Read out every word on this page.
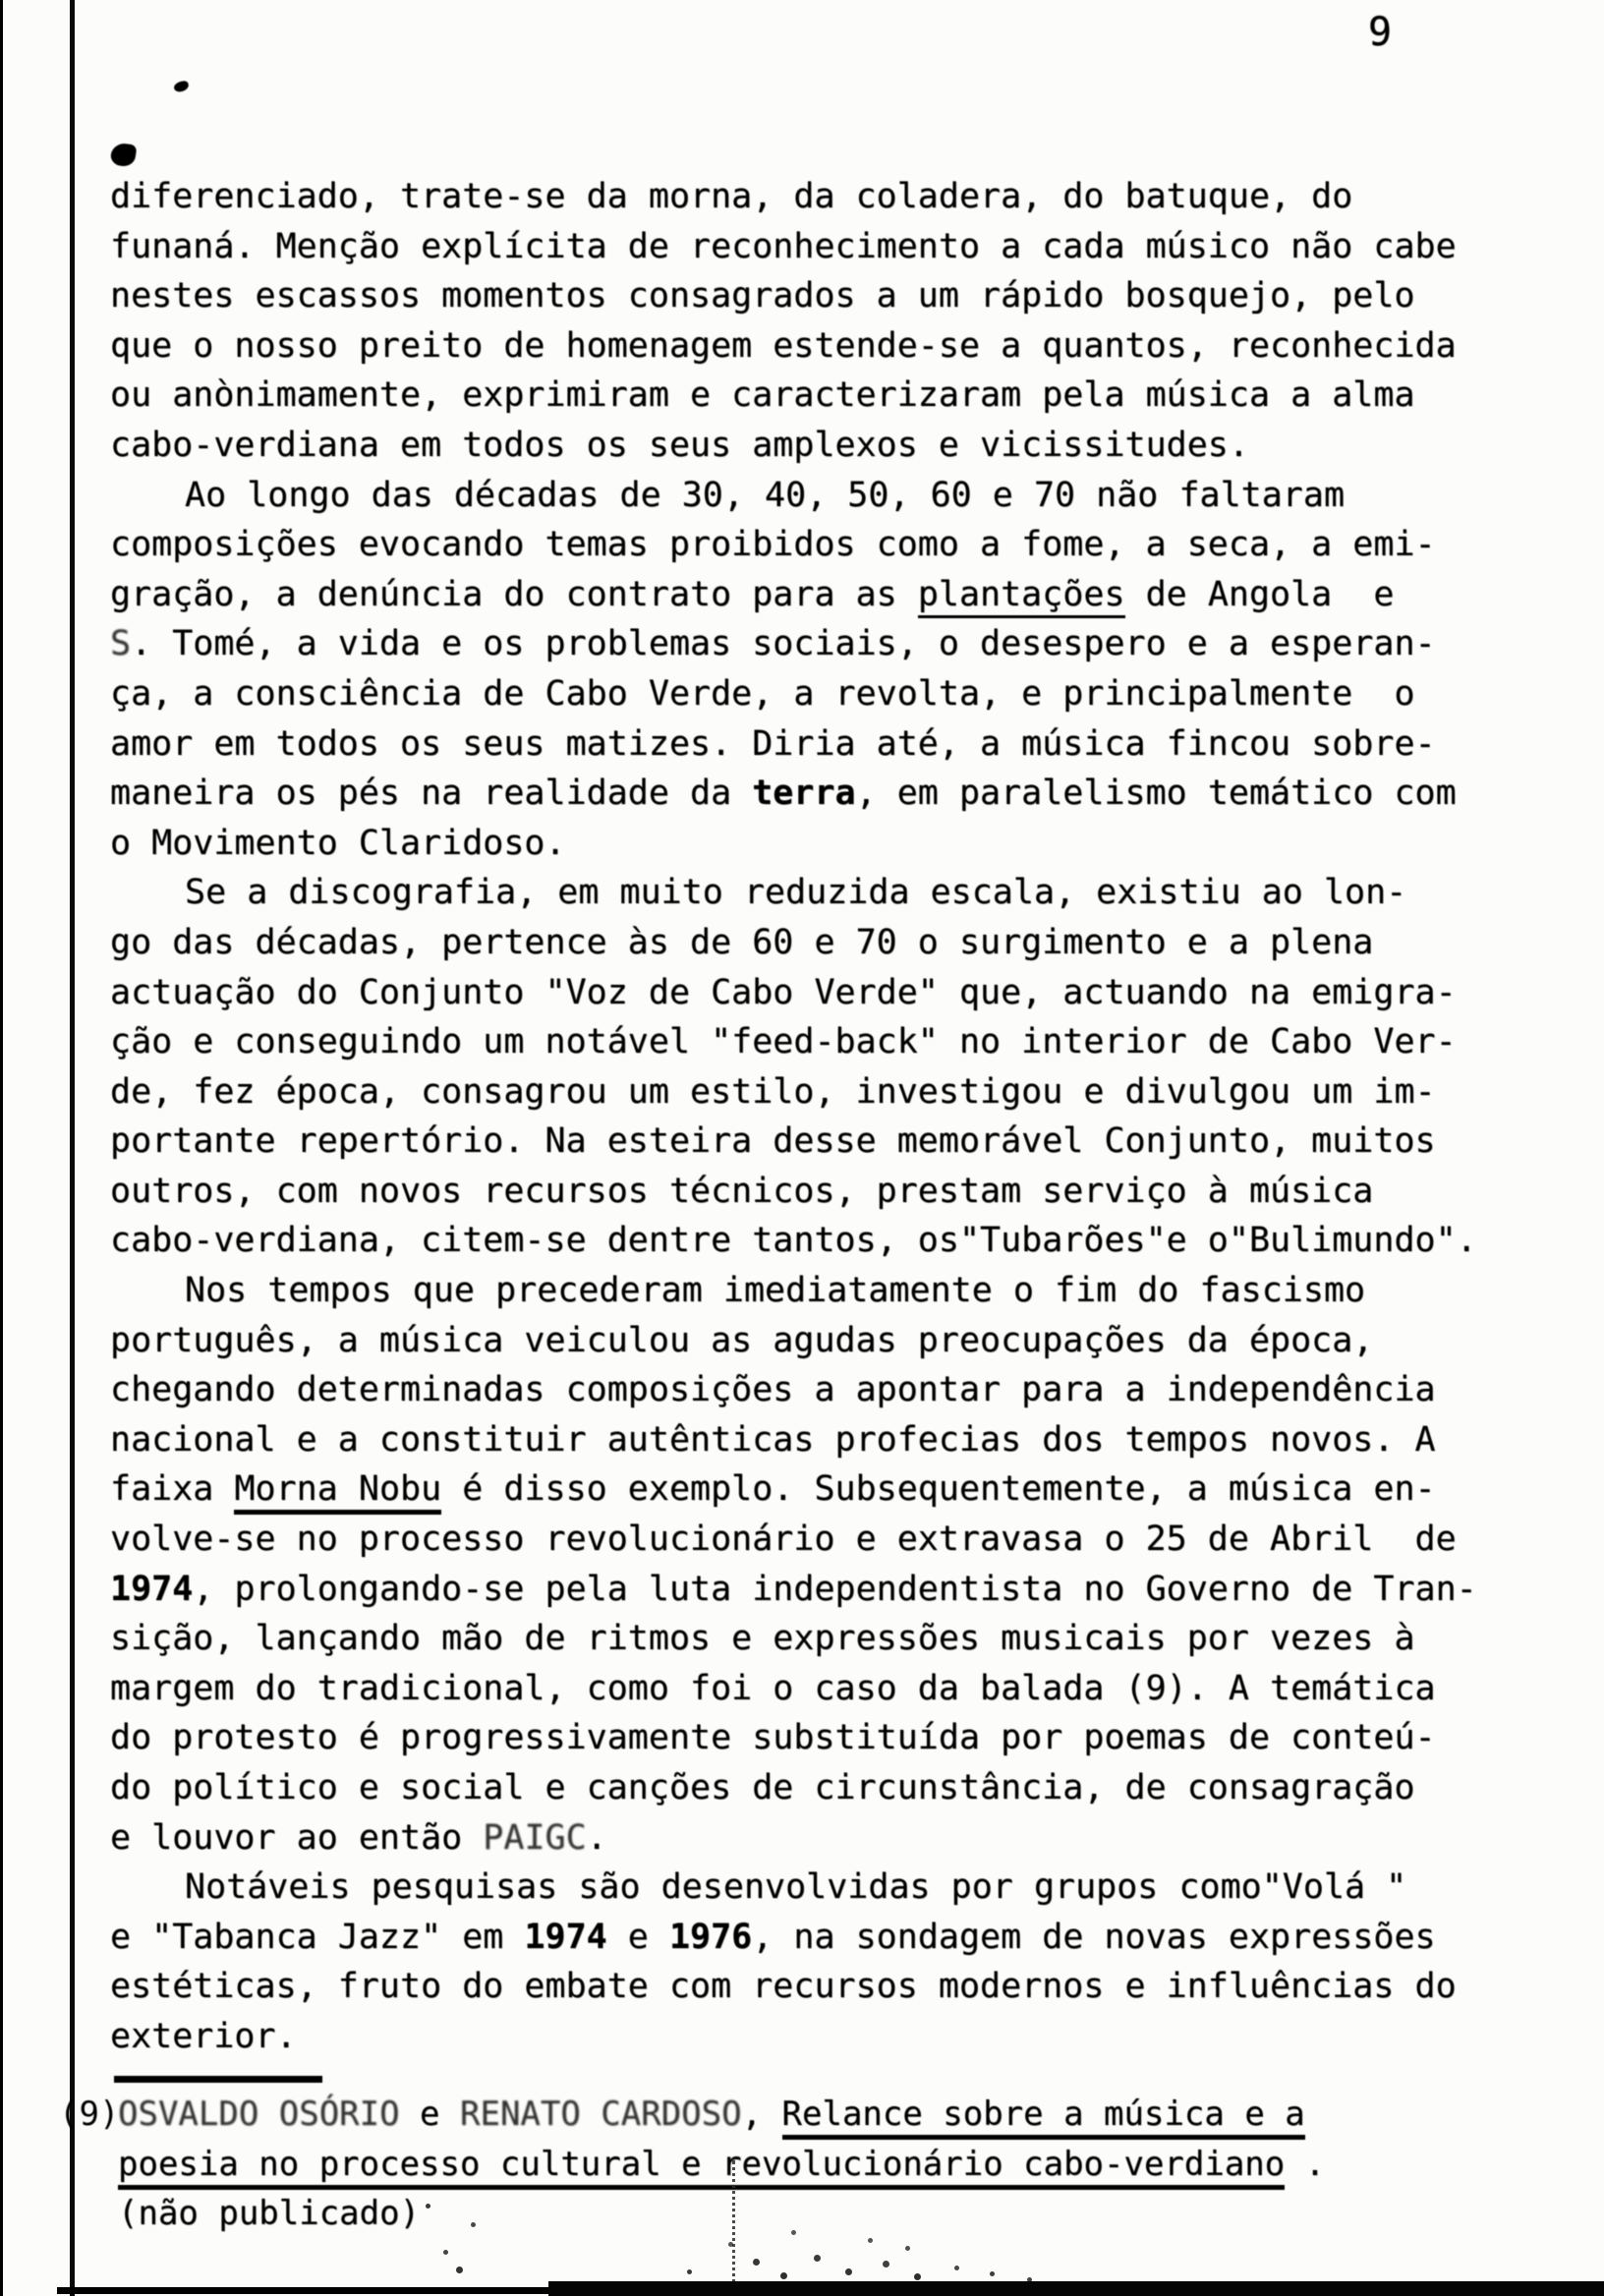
9
diferenciado, trate-se da morna, da coladera, do batuque, do
funaná. Menção explícita de reconhecimento a cada músico não cabe
nestes escassos momentos consagrados a um rápido bosquejo, pelo
que o nosso preito de homenagem estende-se a quantos, reconhecida
ou anònimamente, exprimiram e caracterizaram pela música a alma
cabo-verdiana em todos os seus amplexos e vicissitudes.
Ao longo das décadas de 30, 40, 50, 60 e 70 não faltaram
composições evocando temas proibidos como a fome, a seca, a emi-
gração, a denúncia do contrato para as plantações de Angola  e
S. Tomé, a vida e os problemas sociais, o desespero e a esperan-
ça, a consciência de Cabo Verde, a revolta, e principalmente  o
amor em todos os seus matizes. Diria até, a música fincou sobre-
maneira os pés na realidade da terra, em paralelismo temático com
o Movimento Claridoso.
Se a discografia, em muito reduzida escala, existiu ao lon-
go das décadas, pertence às de 60 e 70 o surgimento e a plena
actuação do Conjunto "Voz de Cabo Verde" que, actuando na emigra-
ção e conseguindo um notável "feed-back" no interior de Cabo Ver-
de, fez época, consagrou um estilo, investigou e divulgou um im-
portante repertório. Na esteira desse memorável Conjunto, muitos
outros, com novos recursos técnicos, prestam serviço à música
cabo-verdiana, citem-se dentre tantos, os"Tubarões"e o"Bulimundo".
Nos tempos que precederam imediatamente o fim do fascismo
português, a música veiculou as agudas preocupações da época,
chegando determinadas composições a apontar para a independência
nacional e a constituir autênticas profecias dos tempos novos. A
faixa Morna Nobu é disso exemplo. Subsequentemente, a música en-
volve-se no processo revolucionário e extravasa o 25 de Abril  de
1974, prolongando-se pela luta independentista no Governo de Tran-
sição, lançando mão de ritmos e expressões musicais por vezes à
margem do tradicional, como foi o caso da balada (9). A temática
do protesto é progressivamente substituída por poemas de conteú-
do político e social e canções de circunstância, de consagração
e louvor ao então PAIGC.
Notáveis pesquisas são desenvolvidas por grupos como"Volá "
e "Tabanca Jazz" em 1974 e 1976, na sondagem de novas expressões
estéticas, fruto do embate com recursos modernos e influências do
exterior.
(9)
OSVALDO OSÓRIO e RENATO CARDOSO, Relance sobre a música e a
poesia no processo cultural e revolucionário cabo-verdiano .
(não publicado)
